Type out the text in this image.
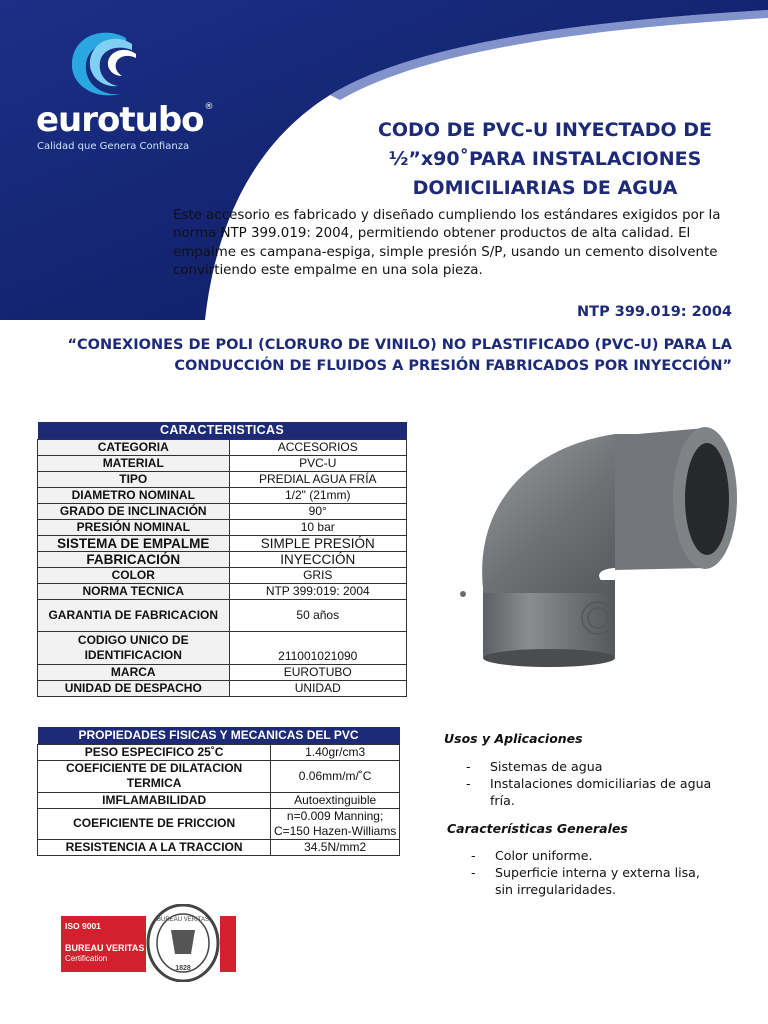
eurotubo®
Calidad que Genera Confianza
CODO DE PVC-U INYECTADO DE
½”x90˚PARA INSTALACIONES
DOMICILIARIAS DE AGUA

Este accesorio es fabricado y diseñado cumpliendo los estándares exigidos por la norma NTP 399.019: 2004, permitiendo obtener productos de alta calidad. El empalme es campana-espiga, simple presión S/P, usando un cemento disolvente convirtiendo este empalme en una sola pieza.

NTP 399.019: 2004
“CONEXIONES DE POLI (CLORURO DE VINILO) NO PLASTIFICADO (PVC-U) PARA LA
CONDUCCIÓN DE FLUIDOS A PRESIÓN FABRICADOS POR INYECCIÓN”
CARACTERISTICAS	
CATEGORIA	ACCESORIOS
MATERIAL	PVC-U
TIPO	PREDIAL AGUA FRÍA
DIAMETRO NOMINAL	1/2" (21mm)
GRADO DE INCLINACIÓN	90°
PRESIÓN NOMINAL	10 bar
SISTEMA DE EMPALME	SIMPLE PRESIÓN
FABRICACIÓN	INYECCIÓN
COLOR	GRIS
NORMA TECNICA	NTP 399:019: 2004
GARANTIA DE FABRICACION	50 años
CODIGO UNICO DE IDENTIFICACION	211001021090
MARCA	EUROTUBO
UNIDAD DE DESPACHO	UNIDAD
PROPIEDADES FISICAS Y MECANICAS DEL PVC	
PESO ESPECIFICO 25˚C	1.40gr/cm3
COEFICIENTE DE DILATACION TERMICA	0.06mm/m/˚C
IMFLAMABILIDAD	Autoextinguible
COEFICIENTE DE FRICCION	n=0.009 Manning;
C=150 Hazen-Williams
RESISTENCIA A LA TRACCION	34.5N/mm2
Usos y Aplicaciones
- Sistemas de agua
- Instalaciones domiciliarias de agua fría.
Características Generales
- Color uniforme.
- Superficie interna y externa lisa, sin irregularidades.
ISO 9001
BUREAU VERITAS
Certification
BUREAU VERITAS
1828
